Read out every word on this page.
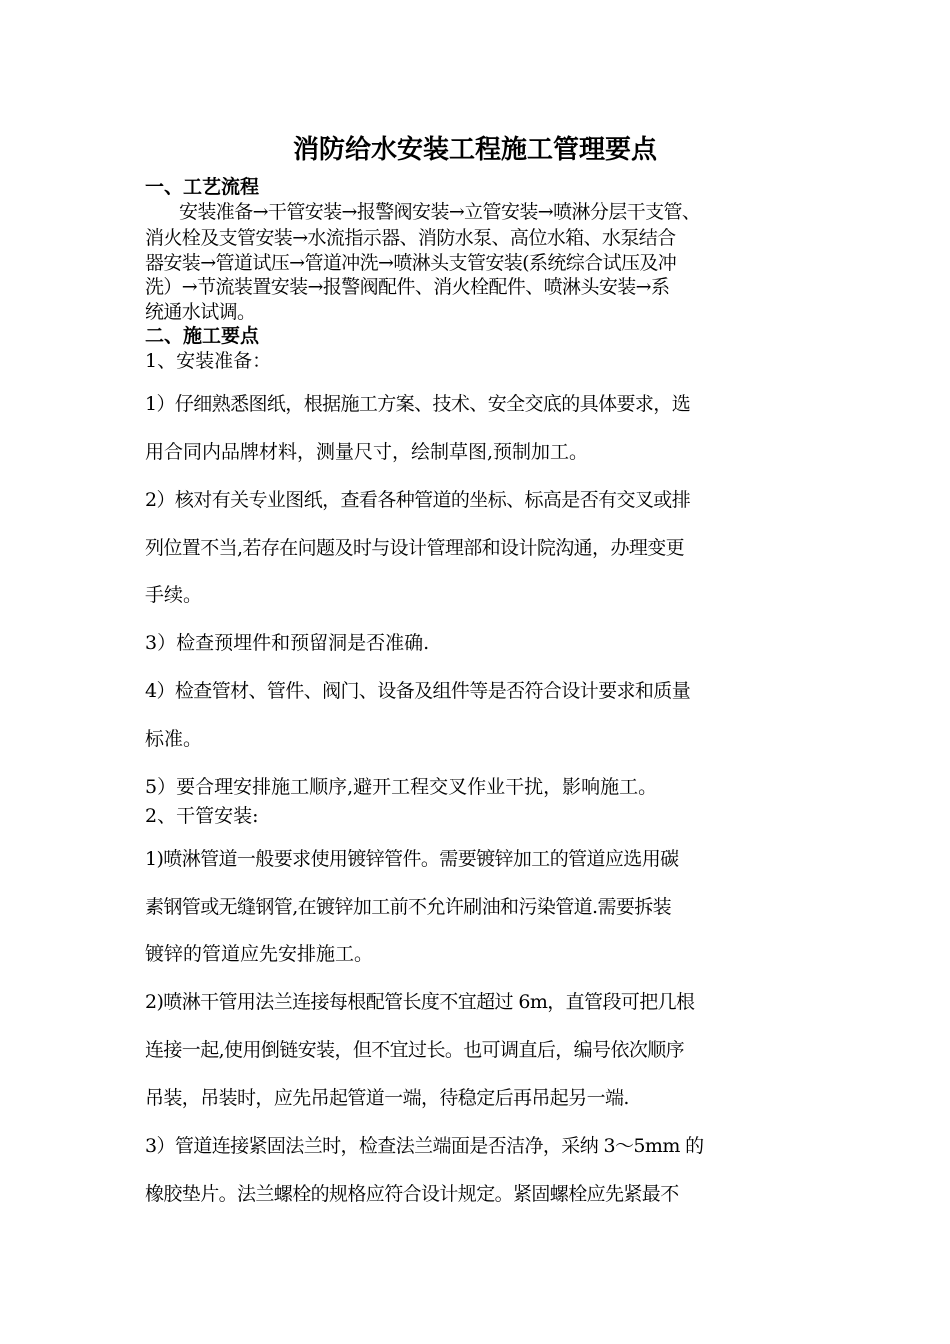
消防给水安装工程施工管理要点
一、工艺流程
安装准备→干管安装→报警阀安装→立管安装→喷淋分层干支管、
消火栓及支管安装→水流指示器、消防水泵、高位水箱、水泵结合
器安装→管道试压→管道冲洗→喷淋头支管安装(系统综合试压及冲
洗）→节流装置安装→报警阀配件、消火栓配件、喷淋头安装→系
统通水试调。
二、施工要点
1、安装准备：
1）仔细熟悉图纸，根据施工方案、技术、安全交底的具体要求，选
用合同内品牌材料，测量尺寸，绘制草图,预制加工。
2）核对有关专业图纸，查看各种管道的坐标、标高是否有交叉或排
列位置不当,若存在问题及时与设计管理部和设计院沟通，办理变更
手续。
3）检查预埋件和预留洞是否准确.
4）检查管材、管件、阀门、设备及组件等是否符合设计要求和质量
标准。
5）要合理安排施工顺序,避开工程交叉作业干扰，影响施工。
2、干管安装:
1)喷淋管道一般要求使用镀锌管件。需要镀锌加工的管道应选用碳
素钢管或无缝钢管,在镀锌加工前不允许刷油和污染管道.需要拆装
镀锌的管道应先安排施工。
2)喷淋干管用法兰连接每根配管长度不宜超过 6m，直管段可把几根
连接一起,使用倒链安装，但不宜过长。也可调直后，编号依次顺序
吊装，吊装时，应先吊起管道一端，待稳定后再吊起另一端.
3）管道连接紧固法兰时，检查法兰端面是否洁净，采纳 3～5mm 的
橡胶垫片。法兰螺栓的规格应符合设计规定。紧固螺栓应先紧最不
